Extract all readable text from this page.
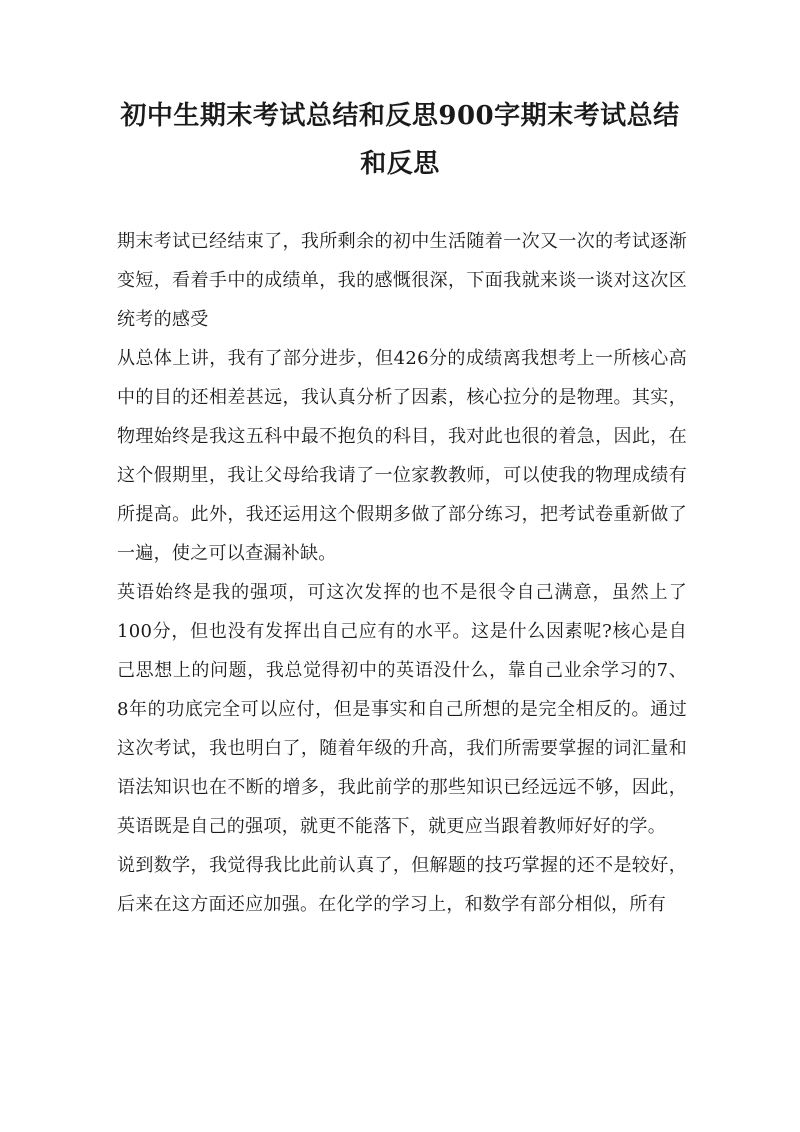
初中生期末考试总结和反思900字期末考试总结和反思

期末考试已经结束了，我所剩余的初中生活随着一次又一次的考试逐渐变短，看着手中的成绩单，我的感慨很深，下面我就来谈一谈对这次区统考的感受

从总体上讲，我有了部分进步，但426分的成绩离我想考上一所核心高中的目的还相差甚远，我认真分析了因素，核心拉分的是物理。其实，物理始终是我这五科中最不抱负的科目，我对此也很的着急，因此，在这个假期里，我让父母给我请了一位家教教师，可以使我的物理成绩有所提高。此外，我还运用这个假期多做了部分练习，把考试卷重新做了一遍，使之可以查漏补缺。

英语始终是我的强项，可这次发挥的也不是很令自己满意，虽然上了100分，但也没有发挥出自己应有的水平。这是什么因素呢?核心是自己思想上的问题，我总觉得初中的英语没什么，靠自己业余学习的7、8年的功底完全可以应付，但是事实和自己所想的是完全相反的。通过这次考试，我也明白了，随着年级的升高，我们所需要掌握的词汇量和语法知识也在不断的增多，我此前学的那些知识已经远远不够，因此，英语既是自己的强项，就更不能落下，就更应当跟着教师好好的学。

说到数学，我觉得我比此前认真了，但解题的技巧掌握的还不是较好，后来在这方面还应加强。在化学的学习上，和数学有部分相似，所有
